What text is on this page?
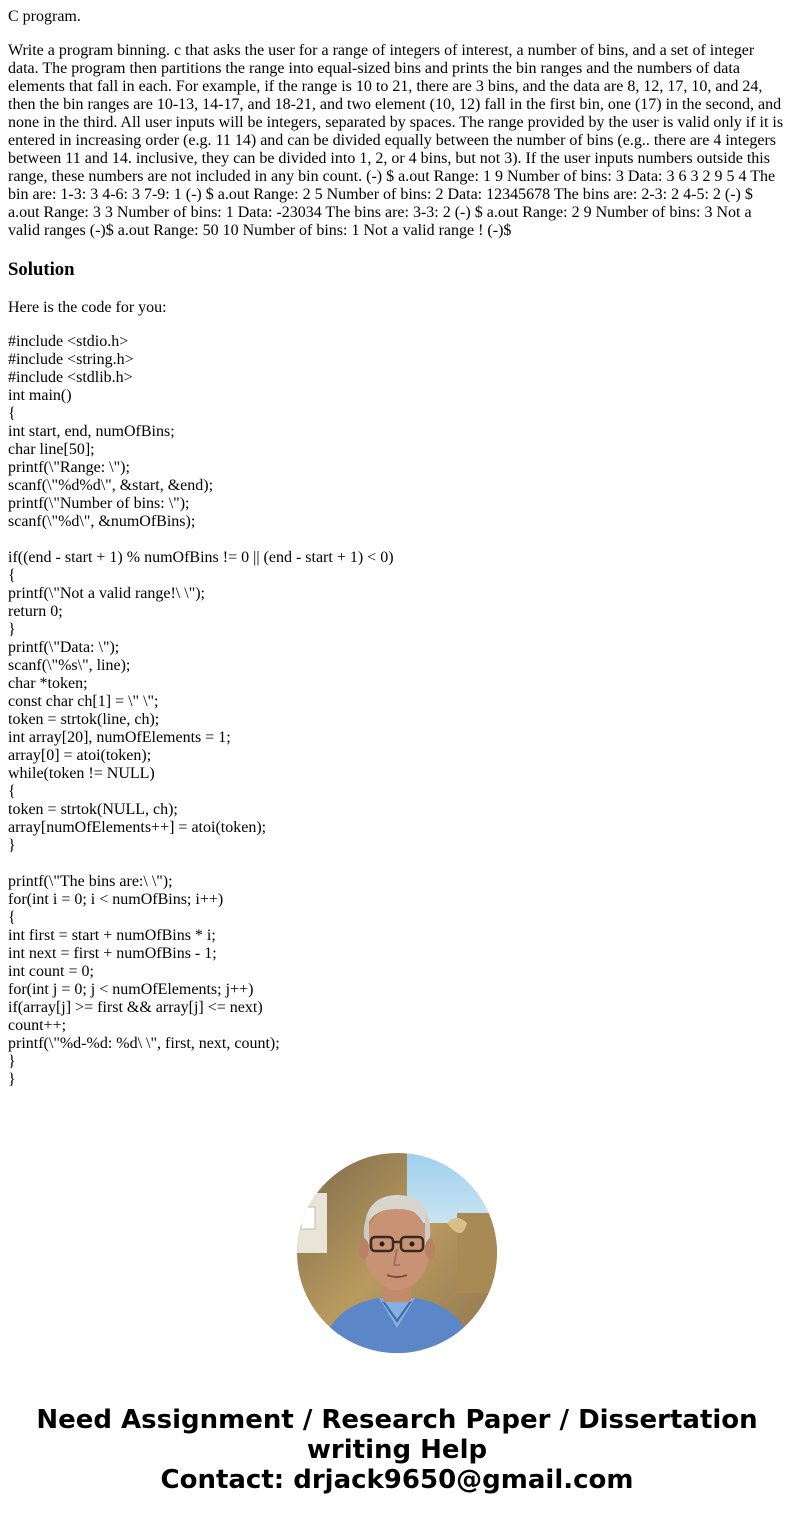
C program.

Write a program binning. c that asks the user for a range of integers of interest, a number of bins, and a set of integer data. The program then partitions the range into equal-sized bins and prints the bin ranges and the numbers of data elements that fall in each. For example, if the range is 10 to 21, there are 3 bins, and the data are 8, 12, 17, 10, and 24, then the bin ranges are 10-13, 14-17, and 18-21, and two element (10, 12) fall in the first bin, one (17) in the second, and none in the third. All user inputs will be integers, separated by spaces. The range provided by the user is valid only if it is entered in increasing order (e.g. 11 14) and can be divided equally between the number of bins (e.g.. there are 4 integers between 11 and 14. inclusive, they can be divided into 1, 2, or 4 bins, but not 3). If the user inputs numbers outside this range, these numbers are not included in any bin count. (-) $ a.out Range: 1 9 Number of bins: 3 Data: 3 6 3 2 9 5 4 The bin are: 1-3: 3 4-6: 3 7-9: 1 (-) $ a.out Range: 2 5 Number of bins: 2 Data: 12345678 The bins are: 2-3: 2 4-5: 2 (-) $ a.out Range: 3 3 Number of bins: 1 Data: -23034 The bins are: 3-3: 2 (-) $ a.out Range: 2 9 Number of bins: 3 Not a valid ranges (-)$ a.out Range: 50 10 Number of bins: 1 Not a valid range ! (-)$

Solution

Here is the code for you:

#include <stdio.h>
#include <string.h>
#include <stdlib.h>
int main()
{
int start, end, numOfBins;
char line[50];
printf(\"Range: \");
scanf(\"%d%d\", &start, &end);
printf(\"Number of bins: \");
scanf(\"%d\", &numOfBins);
if((end - start + 1) % numOfBins != 0 || (end - start + 1) < 0)
{
printf(\"Not a valid range!\ \");
return 0;
}
printf(\"Data: \");
scanf(\"%s\", line);
char *token;
const char ch[1] = \" \";
token = strtok(line, ch);
int array[20], numOfElements = 1;
array[0] = atoi(token);
while(token != NULL)
{
token = strtok(NULL, ch);
array[numOfElements++] = atoi(token);
}
printf(\"The bins are:\ \");
for(int i = 0; i < numOfBins; i++)
{
int first = start + numOfBins * i;
int next = first + numOfBins - 1;
int count = 0;
for(int j = 0; j < numOfElements; j++)
if(array[j] >= first && array[j] <= next)
count++;
printf(\"%d-%d: %d\ \", first, next, count);
}
}
Need Assignment / Research Paper / Dissertation
writing Help
Contact: drjack9650@gmail.com
